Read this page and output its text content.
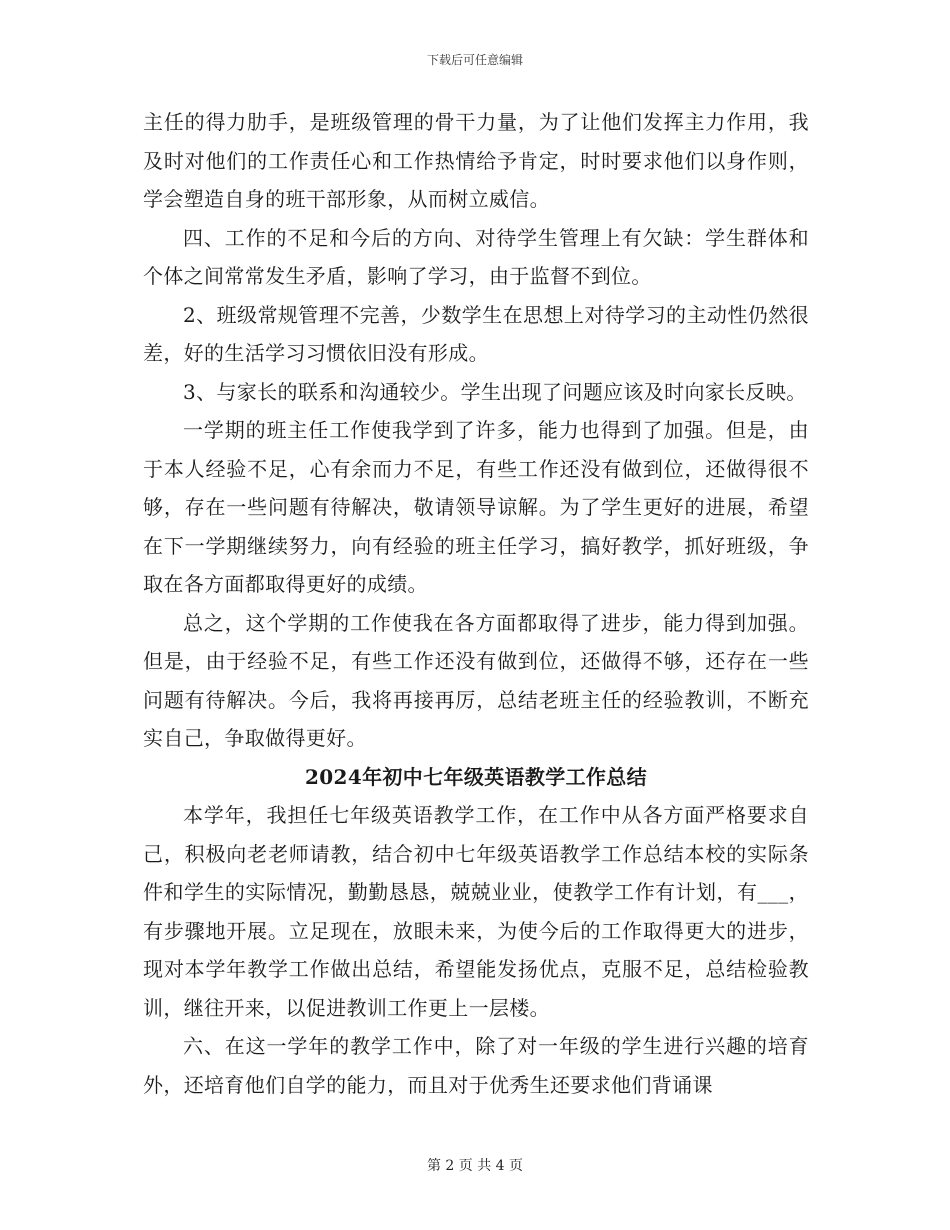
下载后可任意编辑

主任的得力肋手，是班级管理的骨干力量，为了让他们发挥主力作用，我及时对他们的工作责任心和工作热情给予肯定，时时要求他们以身作则，学会塑造自身的班干部形象，从而树立威信。

四、工作的不足和今后的方向、对待学生管理上有欠缺：学生群体和个体之间常常发生矛盾，影响了学习，由于监督不到位。

2、班级常规管理不完善，少数学生在思想上对待学习的主动性仍然很差，好的生活学习习惯依旧没有形成。

3、与家长的联系和沟通较少。学生出现了问题应该及时向家长反映。

一学期的班主任工作使我学到了许多，能力也得到了加强。但是，由于本人经验不足，心有余而力不足，有些工作还没有做到位，还做得很不够，存在一些问题有待解决，敬请领导谅解。为了学生更好的进展，希望在下一学期继续努力，向有经验的班主任学习，搞好教学，抓好班级，争取在各方面都取得更好的成绩。

总之，这个学期的工作使我在各方面都取得了进步，能力得到加强。但是，由于经验不足，有些工作还没有做到位，还做得不够，还存在一些问题有待解决。今后，我将再接再厉，总结老班主任的经验教训，不断充实自己，争取做得更好。

2024年初中七年级英语教学工作总结

本学年，我担任七年级英语教学工作，在工作中从各方面严格要求自己，积极向老老师请教，结合初中七年级英语教学工作总结本校的实际条件和学生的实际情况，勤勤恳恳，兢兢业业，使教学工作有计划，有___，有步骤地开展。立足现在，放眼未来，为使今后的工作取得更大的进步，现对本学年教学工作做出总结，希望能发扬优点，克服不足，总结检验教训，继往开来，以促进教训工作更上一层楼。

六、在这一学年的教学工作中，除了对一年级的学生进行兴趣的培育外，还培育他们自学的能力，而且对于优秀生还要求他们背诵课

第 2 页 共 4 页
